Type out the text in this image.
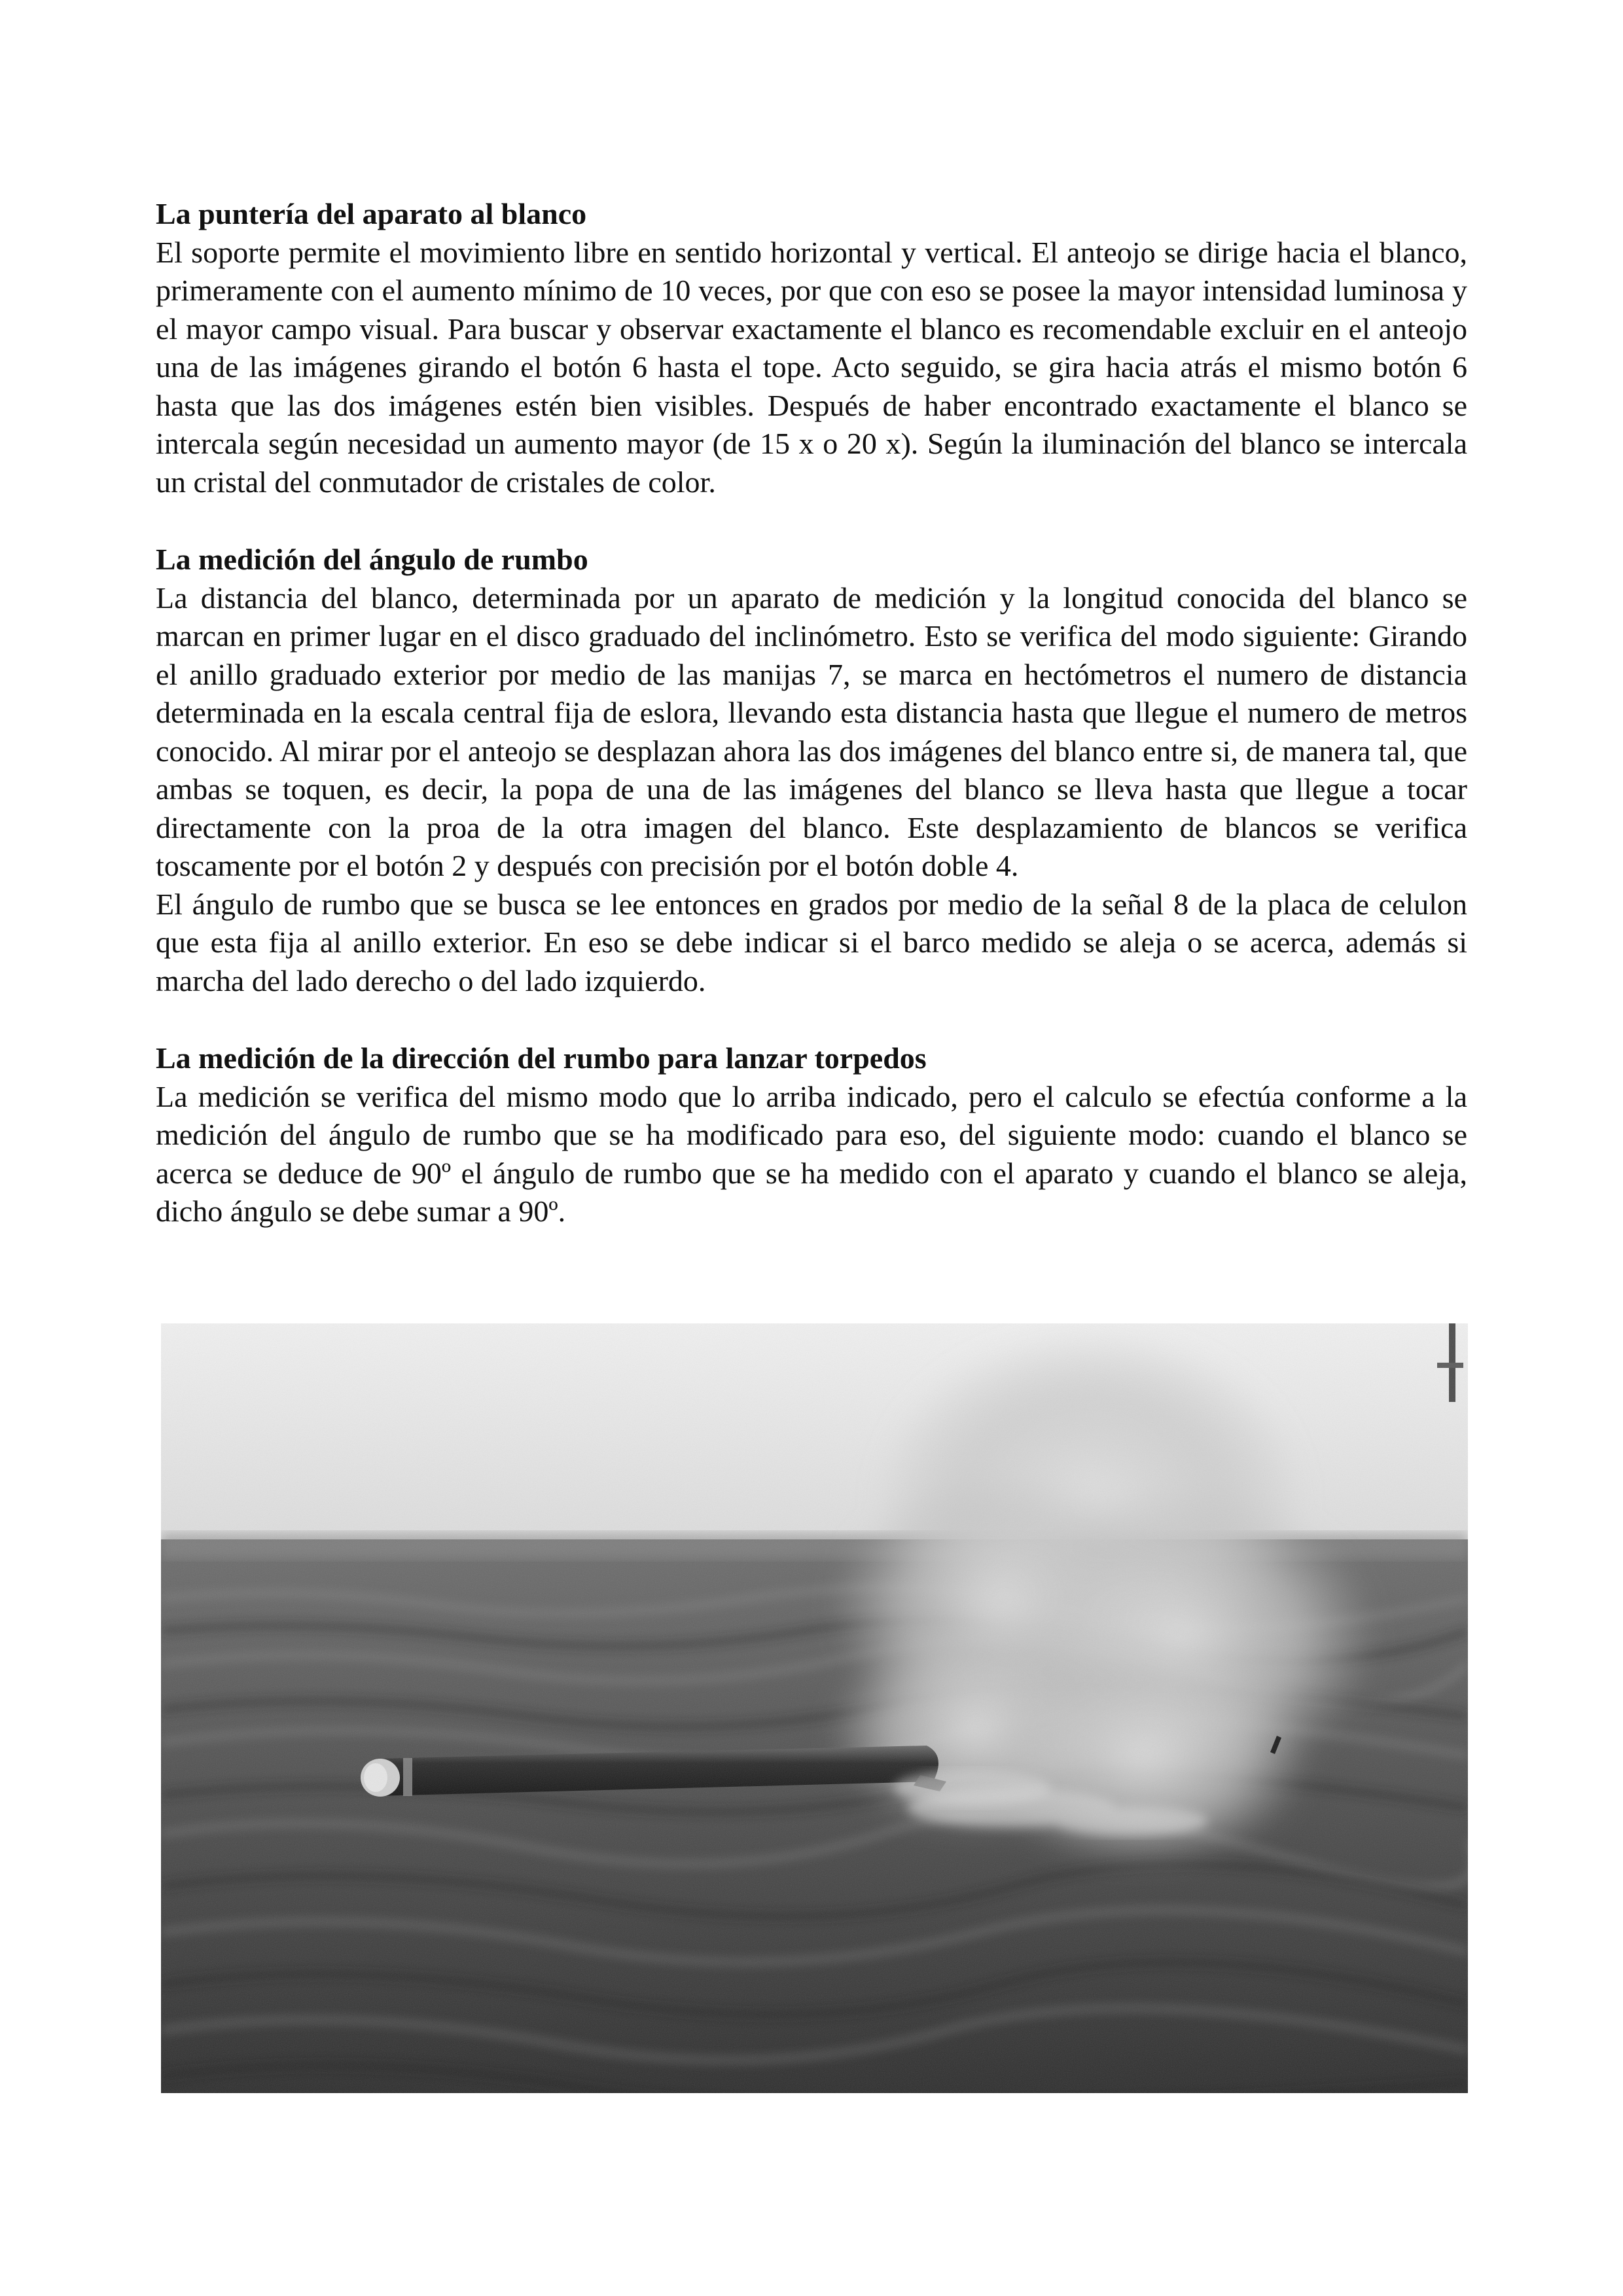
La puntería del aparato al blanco

El soporte permite el movimiento libre en sentido horizontal y vertical. El anteojo se dirige hacia el blanco, primeramente con el aumento mínimo de 10 veces, por que con eso se posee la mayor intensidad luminosa y el mayor campo visual. Para buscar y observar exactamente el blanco es recomendable excluir en el anteojo una de las imágenes girando el botón 6 hasta el tope. Acto seguido, se gira hacia atrás el mismo botón 6 hasta que las dos imágenes estén bien visibles. Después de haber encontrado exactamente el blanco se intercala según necesidad un aumento mayor (de 15 x o 20 x). Según la iluminación del blanco se intercala un cristal del conmutador de cristales de color.

La medición del ángulo de rumbo

La distancia del blanco, determinada por un aparato de medición y la longitud conocida del blanco se marcan en primer lugar en el disco graduado del inclinómetro. Esto se verifica del modo siguiente: Girando el anillo graduado exterior por medio de las manijas 7, se marca en hectómetros el numero de distancia determinada en la escala central fija de eslora, llevando esta distancia hasta que llegue el numero de metros conocido. Al mirar por el anteojo se desplazan ahora las dos imágenes del blanco entre si, de manera tal, que ambas se toquen, es decir, la popa de una de las imágenes del blanco se lleva hasta que llegue a tocar directamente con la proa de la otra imagen del blanco. Este desplazamiento de blancos se verifica toscamente por el botón 2 y después con precisión por el botón doble 4.

El ángulo de rumbo que se busca se lee entonces en grados por medio de la señal 8 de la placa de celulon que esta fija al anillo exterior. En eso se debe indicar si el barco medido se aleja o se acerca, además si marcha del lado derecho o del lado izquierdo.

La medición de la dirección del rumbo para lanzar torpedos

La medición se verifica del mismo modo que lo arriba indicado, pero el calculo se efectúa conforme a la medición del ángulo de rumbo que se ha modificado para eso, del siguiente modo: cuando el blanco se acerca se deduce de 90º el ángulo de rumbo que se ha medido con el aparato y cuando el blanco se aleja, dicho ángulo se debe sumar a 90º.
